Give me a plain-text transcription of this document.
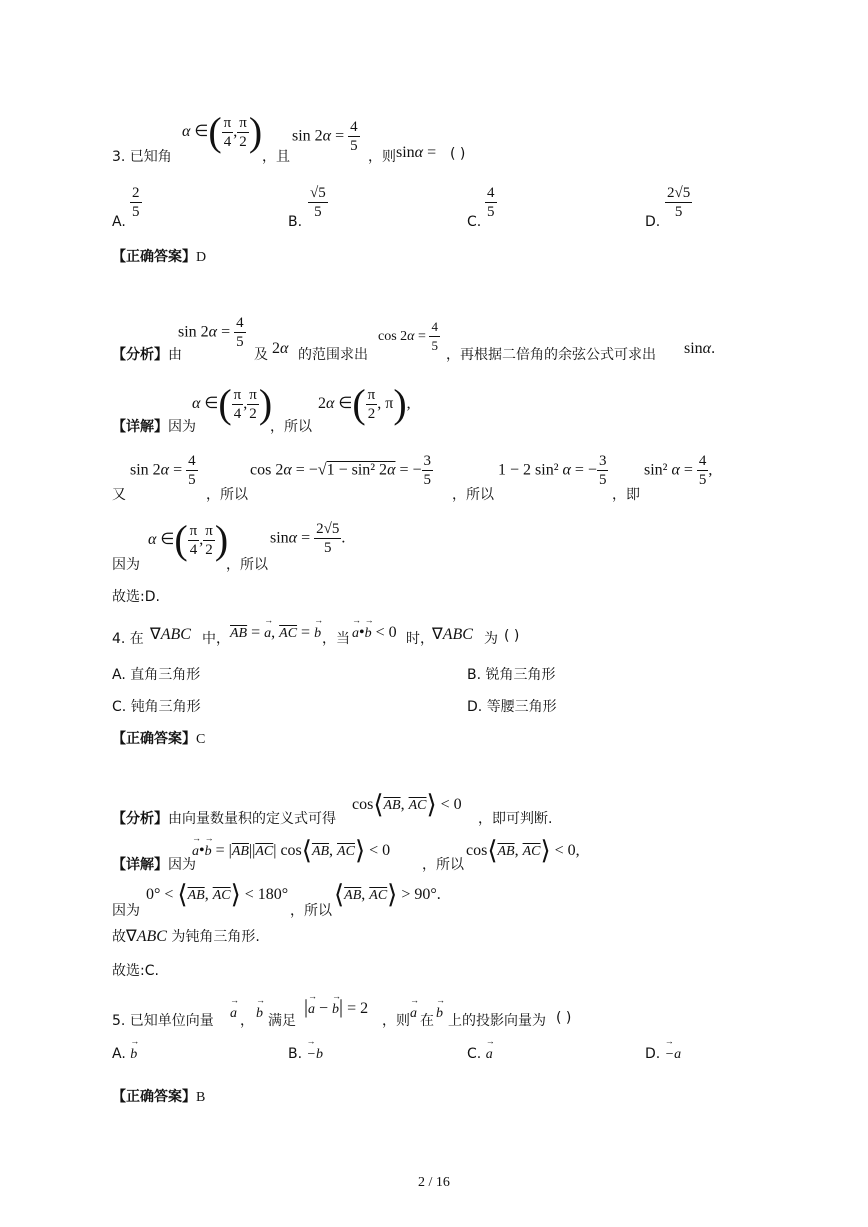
3. 已知角
α ∈( $\frac{\pi}{4}$ , $\frac{\pi}{2}$ )
，且
$\sin 2\alpha = \frac{4}{5}$
，则 sinα = ( )
A.
$\frac{2}{5}$
B.
$\frac{√5}{5}$
C.
$\frac{4}{5}$
D.
$\frac{2√5}{5}$
【正确答案】D
【分析】由
$\sin 2\alpha = \frac{4}{5}$
及 2α 的范围求出
$\cos 2\alpha = \frac{4}{5}$ ，再根据二倍角的余弦公式可求出 sinα.
【详解】因为
α ∈( $\frac{\pi}{4}$ , $\frac{\pi}{2}$ )
，所以
2α ∈( $\frac{\pi}{2}$ , π),
又
$\sin 2\alpha = \frac{4}{5}$
，所以
cos 2α = −√1 − sin² $2\overline{\alpha}$ = − $\frac{3}{5}$
，所以
1 − 2 sin² α = − $\frac{3}{5}$
，即
sin² $\alpha = \frac{4}{5}$ ,
因为
α ∈( $\frac{\pi}{4}$ , $\frac{\pi}{2}$ )
，所以
$\sin\alpha = \frac{2√5}{5}$ .
故选:D.
4. 在 ∇ABC 中， $\overline{AB}$ = → a, $\overline{AC}$ = → b ，当 → a•→ b < 0 时，
∇ABC 为 ( )
A. 直角三角形	B. 锐角三角形
C. 钝角三角形	D. 等腰三角形
【正确答案】C
【分析】由向量数量积的定义式可得
$\cos⟨\overline{AB}$, $\overline{AC}⟩ < 0$
，即可判断.
【详解】因为
→ a•→ $b = |\overline{AB}||\overline{AC}|$ $\cos⟨\overline{AB}$, $\overline{AC}⟩ < 0$
，所以
$\cos⟨\overline{AB}$, $\overline{AC}⟩ < 0$,
因为
$0^\circ < ⟨\overline{AB}$, $\overline{AC}⟩ < 180^\circ$
，所以
$⟨\overline{AB}$, $\overline{AC}⟩ > 90^\circ$.
故∇ABC 为钝角三角形.
故选:C.
5. 已知单位向量 → a ， → b 满足
|→ a − → b| = 2
，则 → a 在 → b 上的投影向量为 ( )
A. → b	B. → −b	C. → a	D. → −a
【正确答案】B
2 / 16
